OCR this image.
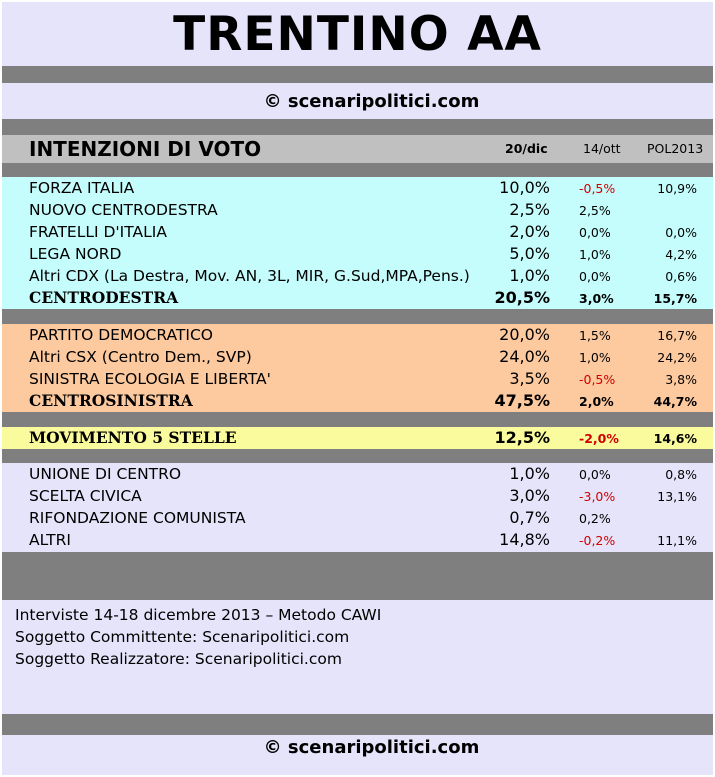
TRENTINO AA
© scenaripolitici.com
INTENZIONI DI VOTO	20/dic	14/ott POL2013
FORZA ITALIA	10,0% -0,5%	10,9%
NUOVO CENTRODESTRA	2,5% 2,5%
FRATELLI D'ITALIA	2,0% 0,0%	0,0%
LEGA NORD	5,0% 1,0%	4,2%
Altri CDX (La Destra, Mov. AN, 3L, MIR, G.Sud,MPA,Pens.) 1,0% 0,0%	0,6%
CENTRODESTRA	20,5% 3,0%	15,7%
PARTITO DEMOCRATICO	20,0% 1,5%	16,7%
Altri CSX (Centro Dem., SVP)	24,0% 1,0%	24,2%
SINISTRA ECOLOGIA E LIBERTA'	3,5% -0,5%	3,8%
CENTROSINISTRA	47,5% 2,0%	44,7%
MOVIMENTO 5 STELLE	12,5% -2,0%	14,6%
UNIONE DI CENTRO	1,0% 0,0%	0,8%
SCELTA CIVICA	3,0% -3,0%	13,1%
RIFONDAZIONE COMUNISTA	0,7% 0,2%
ALTRI	14,8% -0,2%	11,1%
Interviste 14-18 dicembre 2013 – Metodo CAWI
Soggetto Committente: Scenaripolitici.com
Soggetto Realizzatore: Scenaripolitici.com
© scenaripolitici.com
